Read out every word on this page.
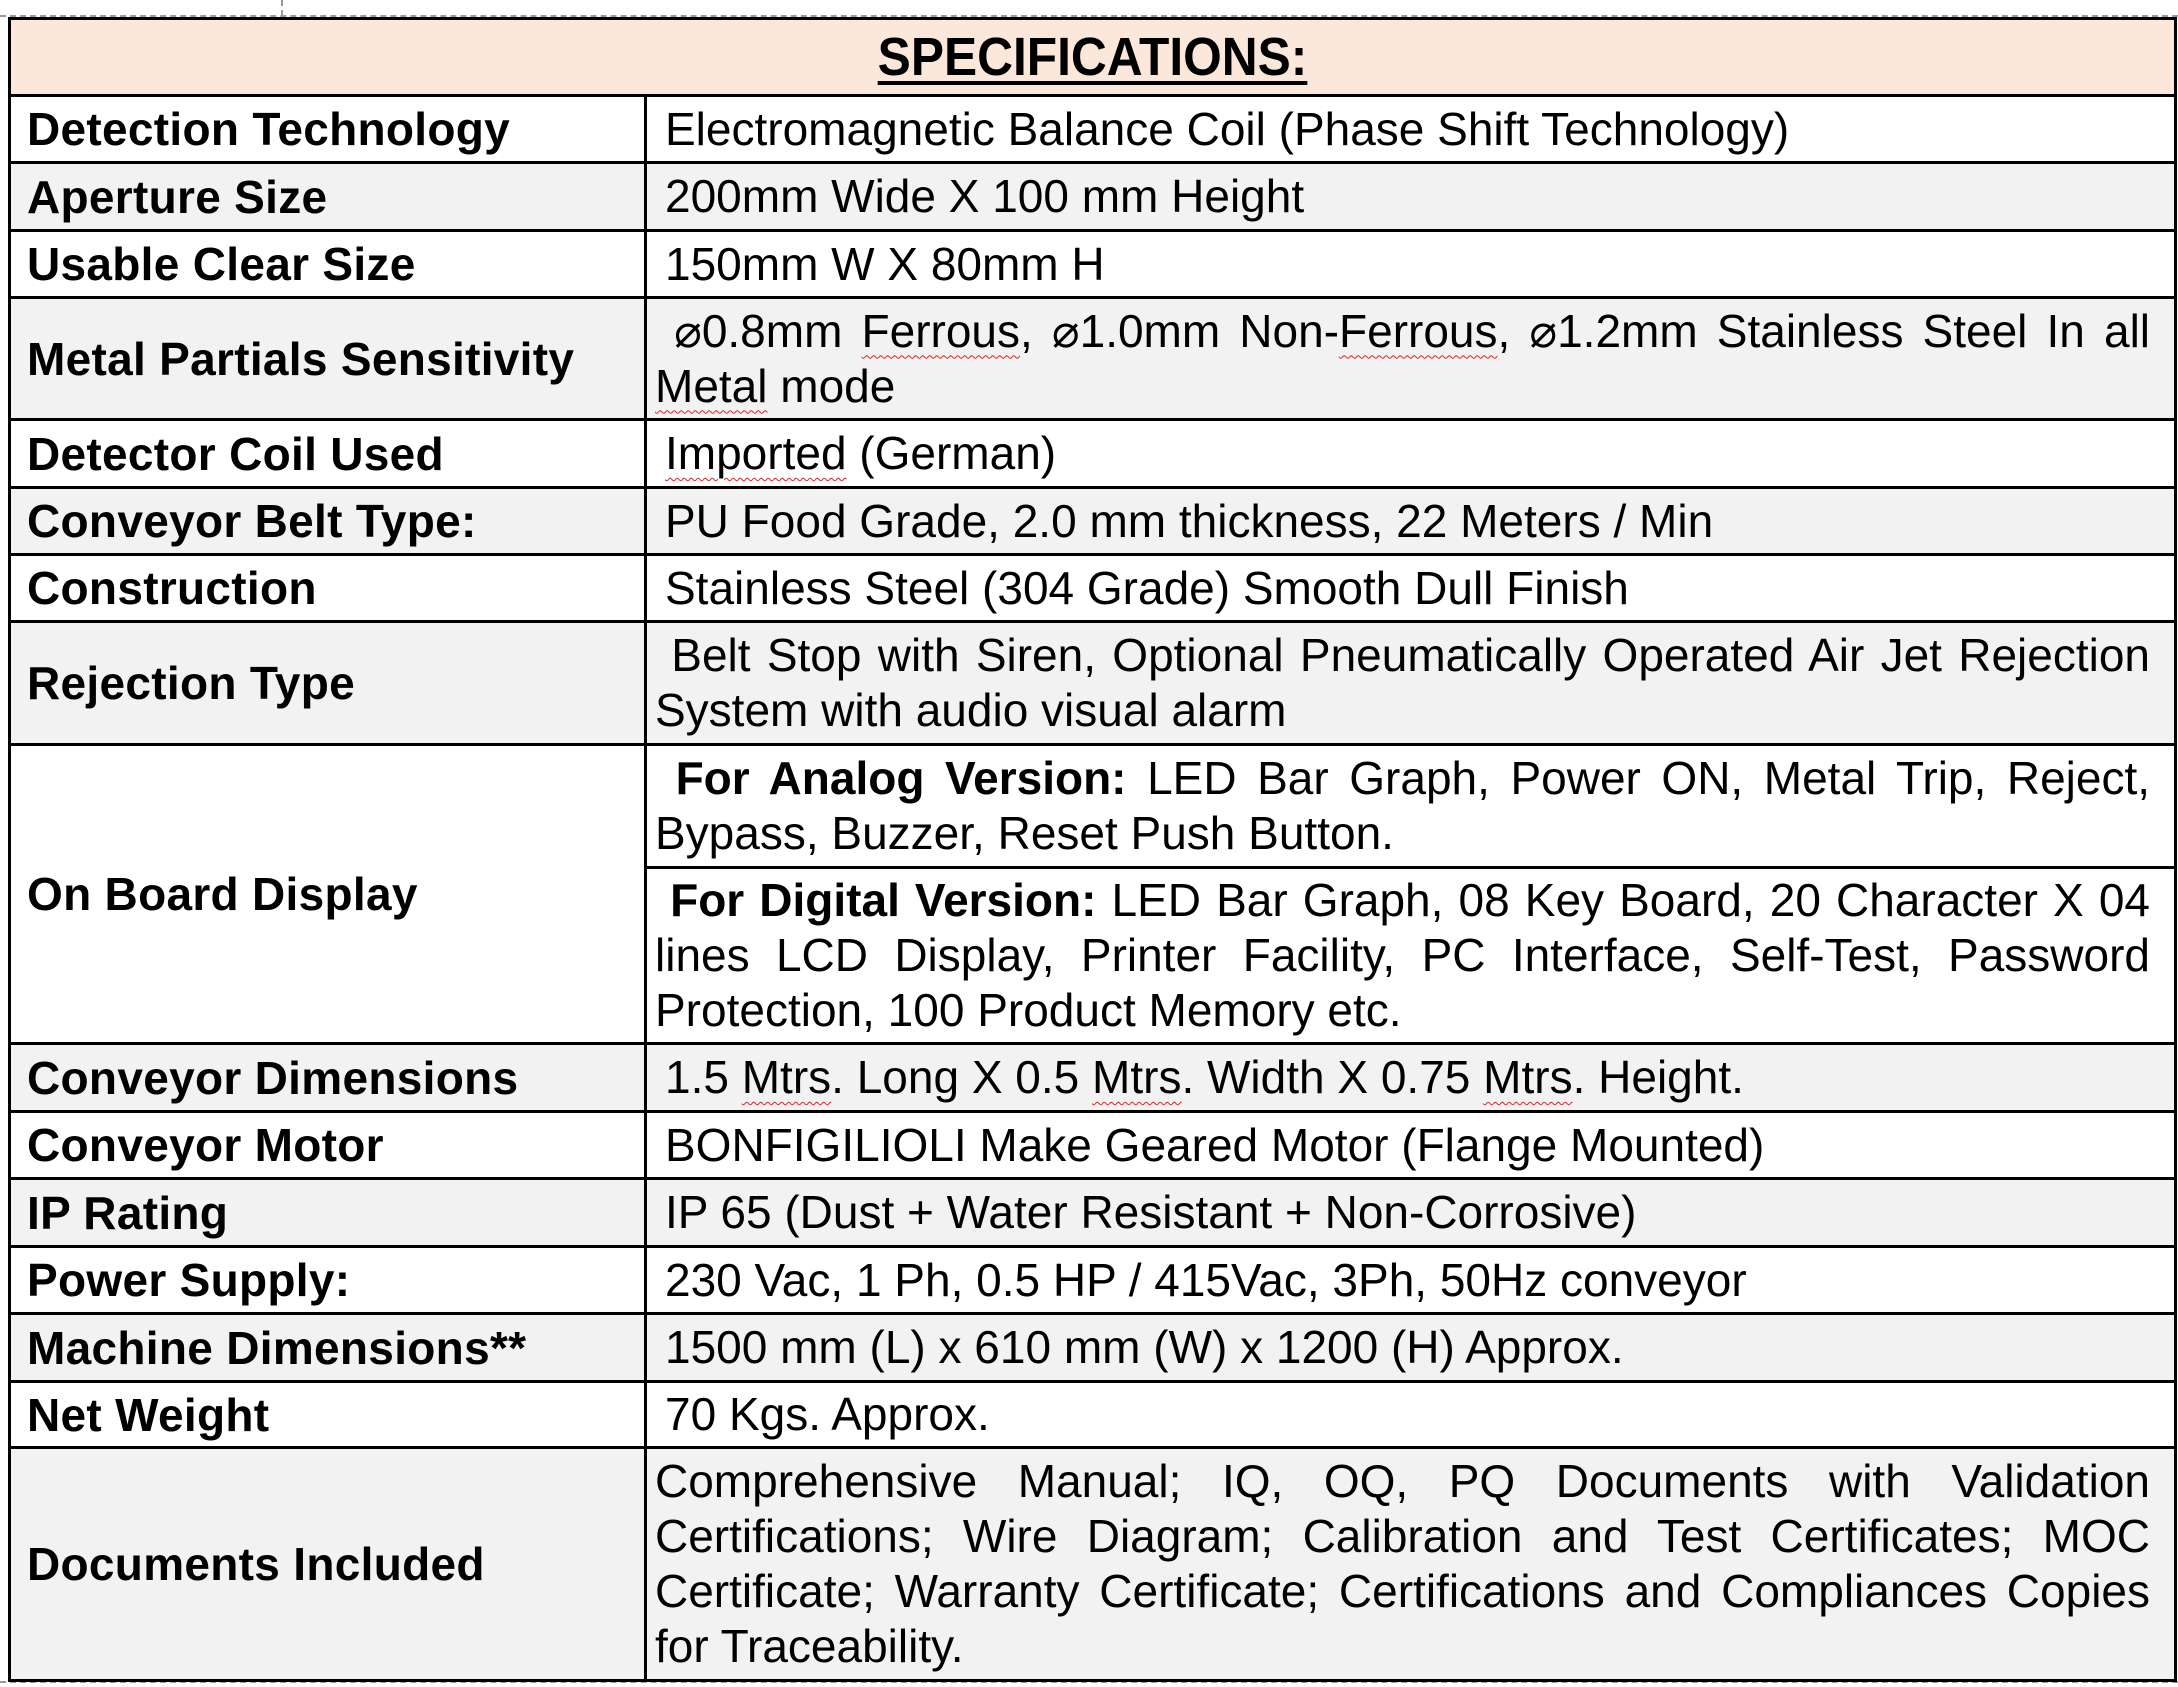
SPECIFICATIONS:	
Detection Technology	Electromagnetic Balance Coil (Phase Shift Technology)

Aperture Size	200mm Wide X 100 mm Height

Usable Clear Size	150mm W X 80mm H

Metal Partials Sensitivity	⌀0.8mm Ferrous, ⌀1.0mm Non-Ferrous, ⌀1.2mm Stainless Steel In all Metal mode

Detector Coil Used	Imported (German)

Conveyor Belt Type:	PU Food Grade, 2.0 mm thickness, 22 Meters / Min

Construction	Stainless Steel (304 Grade) Smooth Dull Finish

Rejection Type	Belt Stop with Siren, Optional Pneumatically Operated Air Jet Rejection System with audio visual alarm

On Board Display	For Analog Version: LED Bar Graph, Power ON, Metal Trip, Reject, Bypass, Buzzer, Reset Push Button.

	For Digital Version: LED Bar Graph, 08 Key Board, 20 Character X 04 lines LCD Display, Printer Facility, PC Interface, Self-Test, Password Protection, 100 Product Memory etc.

Conveyor Dimensions	1.5 Mtrs. Long X 0.5 Mtrs. Width X 0.75 Mtrs. Height.

Conveyor Motor	BONFIGILIOLI Make Geared Motor (Flange Mounted)

IP Rating	IP 65 (Dust + Water Resistant + Non-Corrosive)

Power Supply:	230 Vac, 1 Ph, 0.5 HP / 415Vac, 3Ph, 50Hz conveyor

Machine Dimensions**	1500 mm (L) x 610 mm (W) x 1200 (H) Approx.

Net Weight	70 Kgs. Approx.

Documents Included	Comprehensive Manual; IQ, OQ, PQ Documents with Validation Certifications; Wire Diagram; Calibration and Test Certificates; MOC Certificate; Warranty Certificate; Certifications and Compliances Copies for Traceability.
